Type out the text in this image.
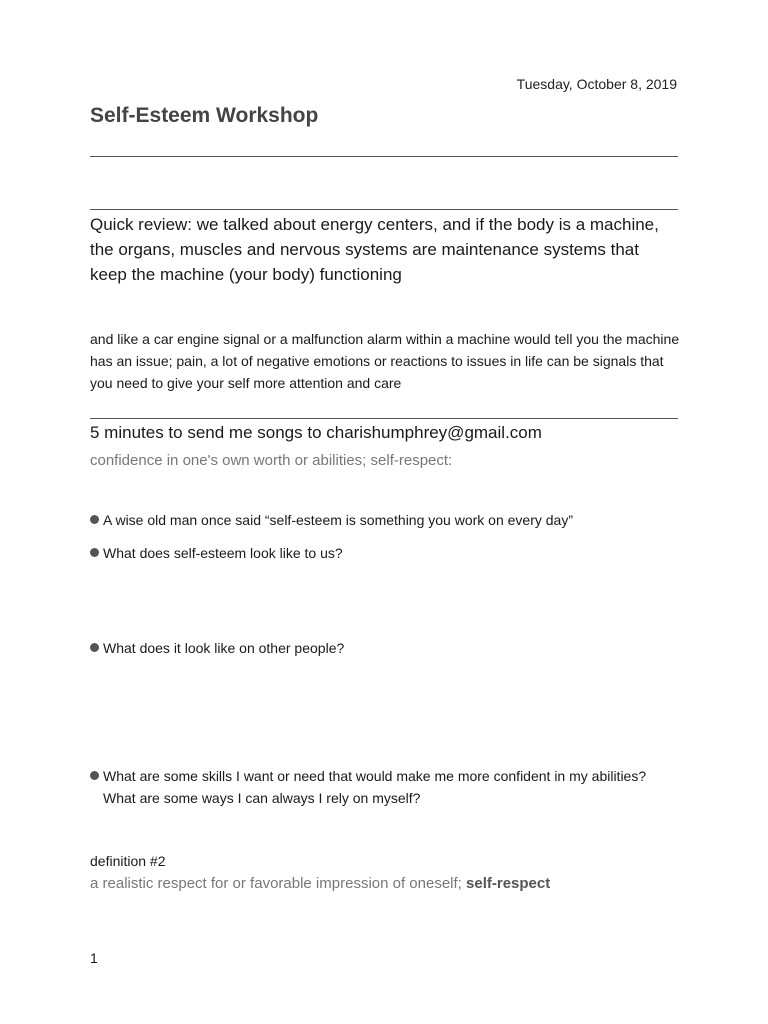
Tuesday, October 8, 2019
Self-Esteem Workshop

Quick review: we talked about energy centers, and if the body is a machine, the organs, muscles and nervous systems are maintenance systems that keep the machine (your body) functioning

and like a car engine signal or a malfunction alarm within a machine would tell you the machine has an issue; pain, a lot of negative emotions or reactions to issues in life can be signals that you need to give your self more attention and care

5 minutes to send me songs to charishumphrey@gmail.com

confidence in one's own worth or abilities; self-respect:

A wise old man once said “self-esteem is something you work on every day”
What does self-esteem look like to us?
What does it look like on other people?
What are some skills I want or need that would make me more confident in my abilities? What are some ways I can always I rely on myself?

definition #2

a realistic respect for or favorable impression of oneself; self-respect

1
